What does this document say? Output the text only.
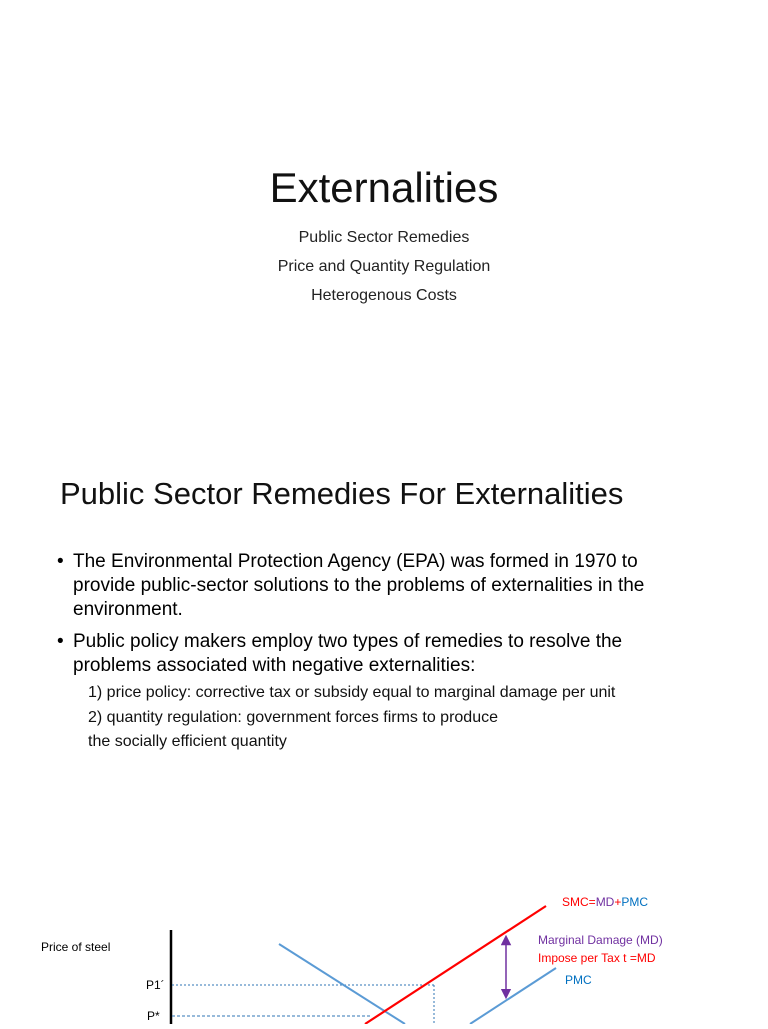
Externalities
Public Sector Remedies
Price and Quantity Regulation
Heterogenous Costs
Public Sector Remedies For Externalities
• The Environmental Protection Agency (EPA) was formed in 1970 to
provide public-sector solutions to the problems of externalities in the
environment.
• Public policy makers employ two types of remedies to resolve the
problems associated with negative externalities:
1) price policy: corrective tax or subsidy equal to marginal damage per unit
2) quantity regulation: government forces firms to produce
the socially efficient quantity
Price of steel
P1´
P*
SMC=MD+PMC
Marginal Damage (MD)
Impose per Tax t =MD
PMC
